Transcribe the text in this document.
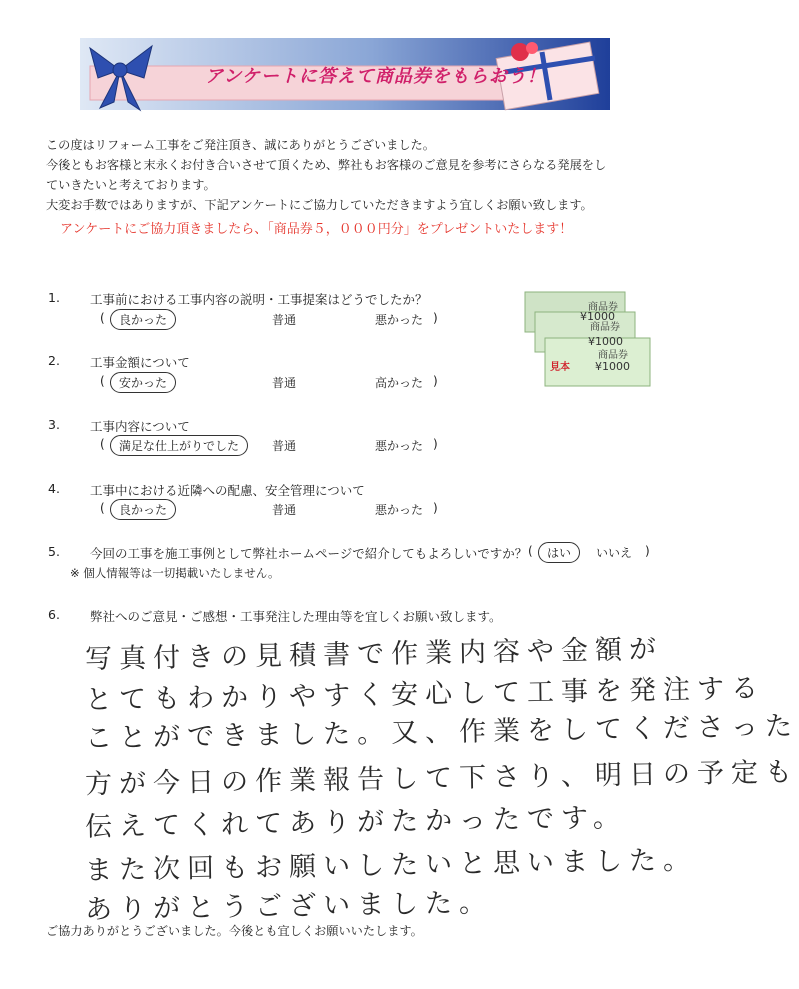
アンケートに答えて商品券をもらおう！
この度はリフォーム工事をご発注頂き、誠にありがとうございました。
今後ともお客様と末永くお付き合いさせて頂くため、弊社もお客様のご意見を参考にさらなる発展をし
ていきたいと考えております。
大変お手数ではありますが、下記アンケートにご協力していただきますよう宜しくお願い致します。
アンケートにご協力頂きましたら、「商品券５，０００円分」をプレゼントいたします！
商品券
¥1000
商品券
¥1000
商品券
¥1000
見本
1. 工事前における工事内容の説明・工事提案はどうでしたか？
(	良かった	普通	悪かった )
2. 工事金額について
(	安かった	普通	高かった )
3. 工事内容について
(	満足な仕上がりでした	普通	悪かった )
4. 工事中における近隣への配慮、安全管理について
(	良かった	普通	悪かった )
5. 今回の工事を施工事例として弊社ホームページで紹介してもよろしいですか？ (	はい	いいえ )
※ 個人情報等は一切掲載いたしません。
6. 弊社へのご意見・ご感想・工事発注した理由等を宜しくお願い致します。
写真付きの見積書で作業内容や金額が
とてもわかりやすく安心して工事を発注する
ことができました。又、作業をしてくださった
方が今日の作業報告して下さり、明日の予定も
伝えてくれてありがたかったです。
また次回もお願いしたいと思いました。
ありがとうございました。
ご協力ありがとうございました。今後とも宜しくお願いいたします。
